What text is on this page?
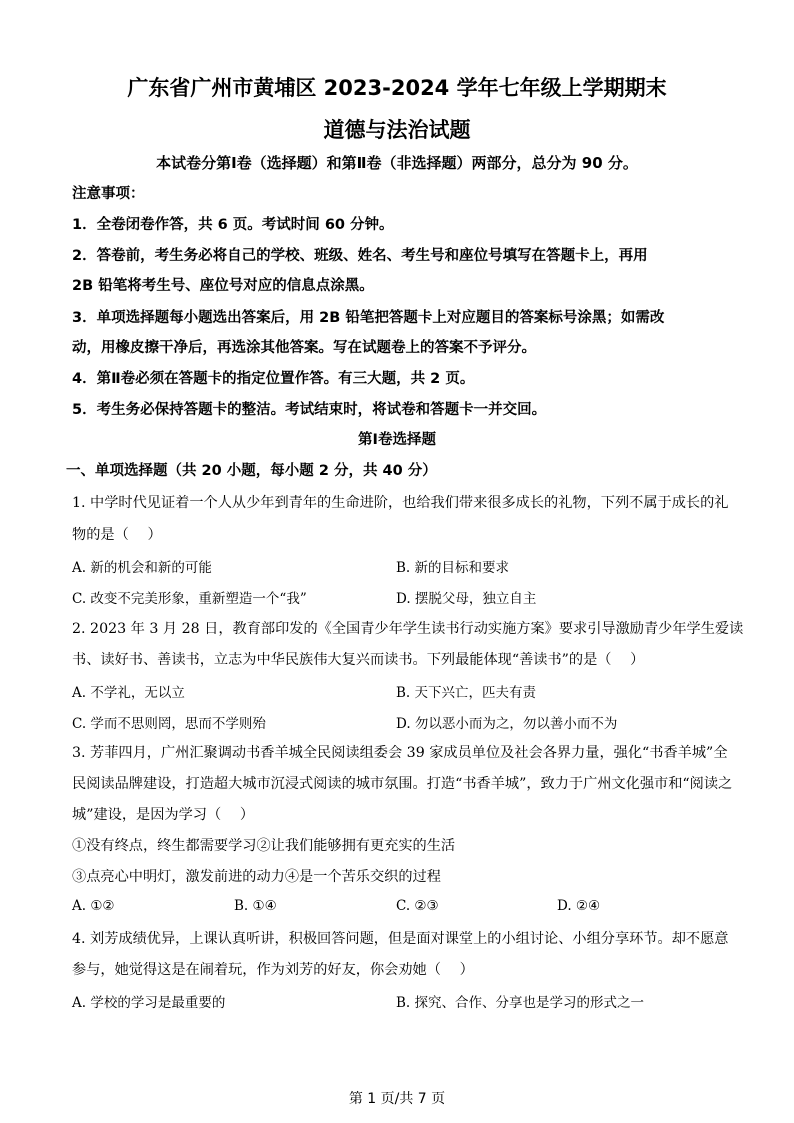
广东省广州市黄埔区 2023-2024 学年七年级上学期期末
道德与法治试题
本试卷分第Ⅰ卷（选择题）和第Ⅱ卷（非选择题）两部分，总分为 90 分。
注意事项：
1．全卷闭卷作答，共 6 页。考试时间 60 分钟。
2．答卷前，考生务必将自己的学校、班级、姓名、考生号和座位号填写在答题卡上，再用
2B 铅笔将考生号、座位号对应的信息点涂黑。
3．单项选择题每小题选出答案后，用 2B 铅笔把答题卡上对应题目的答案标号涂黑；如需改
动，用橡皮擦干净后，再选涂其他答案。写在试题卷上的答案不予评分。
4．第Ⅱ卷必须在答题卡的指定位置作答。有三大题，共 2 页。
5．考生务必保持答题卡的整洁。考试结束时，将试卷和答题卡一并交回。
第Ⅰ卷选择题
一、单项选择题（共 20 小题，每小题 2 分，共 40 分）
1. 中学时代见证着一个人从少年到青年的生命进阶，也给我们带来很多成长的礼物，下列不属于成长的礼
物的是（　 ）
A. 新的机会和新的可能	B. 新的目标和要求
C. 改变不完美形象，重新塑造一个“我”	D. 摆脱父母，独立自主
2. 2023 年 3 月 28 日，教育部印发的《全国青少年学生读书行动实施方案》要求引导激励青少年学生爱读
书、读好书、善读书，立志为中华民族伟大复兴而读书。下列最能体现“善读书”的是（　 ）
A. 不学礼，无以立	B. 天下兴亡，匹夫有责
C. 学而不思则罔，思而不学则殆	D. 勿以恶小而为之，勿以善小而不为
3. 芳菲四月，广州汇聚调动书香羊城全民阅读组委会 39 家成员单位及社会各界力量，强化“书香羊城”全
民阅读品牌建设，打造超大城市沉浸式阅读的城市氛围。打造“书香羊城”，致力于广州文化强市和“阅读之
城”建设，是因为学习（　 ）
①没有终点，终生都需要学习②让我们能够拥有更充实的生活
③点亮心中明灯，激发前进的动力④是一个苦乐交织的过程
A. ①②	B. ①④	C. ②③	D. ②④
4. 刘芳成绩优异，上课认真听讲，积极回答问题，但是面对课堂上的小组讨论、小组分享环节。却不愿意
参与，她觉得这是在闹着玩，作为刘芳的好友，你会劝她（　 ）
A. 学校的学习是最重要的	B. 探究、合作、分享也是学习的形式之一
第 1 页/共 7 页
